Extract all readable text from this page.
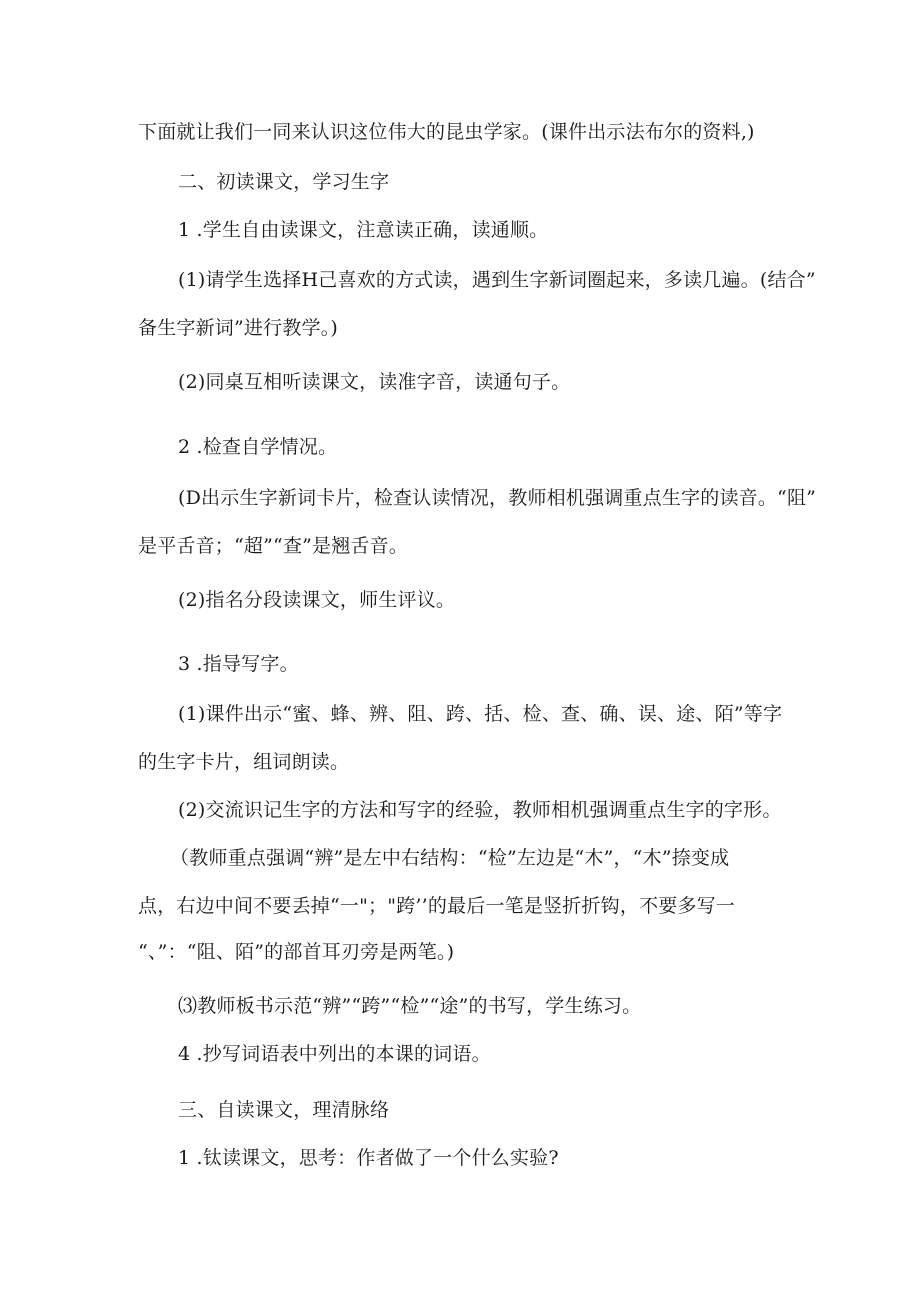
下面就让我们一同来认识这位伟大的昆虫学家。(课件出示法布尔的资料,)
二、初读课文，学习生字
1 .学生自由读课文，注意读正确，读通顺。
(1)请学生选择H己喜欢的方式读，遇到生字新词圈起来，多读几遍。(结合”
备生字新词”进行教学。)
(2)同桌互相听读课文，读准字音，读通句子。
2 .检查自学情况。
(D出示生字新词卡片，检查认读情况，教师相机强调重点生字的读音。“阻”
是平舌音；“超”“查”是翘舌音。
(2)指名分段读课文，师生评议。
3 .指导写字。
(1)课件出示“蜜、蜂、辨、阻、跨、括、检、查、确、误、途、陌”等字
的生字卡片，组词朗读。
(2)交流识记生字的方法和写字的经验，教师相机强调重点生字的字形。
（教师重点强调“辨”是左中右结构：“检”左边是“木”，“木”捺变成
点，右边中间不要丢掉“一"；"跨’’的最后一笔是竖折折钩，不要多写一
“、”：“阻、陌”的部首耳刃旁是两笔。)
⑶教师板书示范“辨”“跨”“检”“途”的书写，学生练习。
4 .抄写词语表中列出的本课的词语。
三、自读课文，理清脉络
1 .钛读课文，思考：作者做了一个什么实验?
